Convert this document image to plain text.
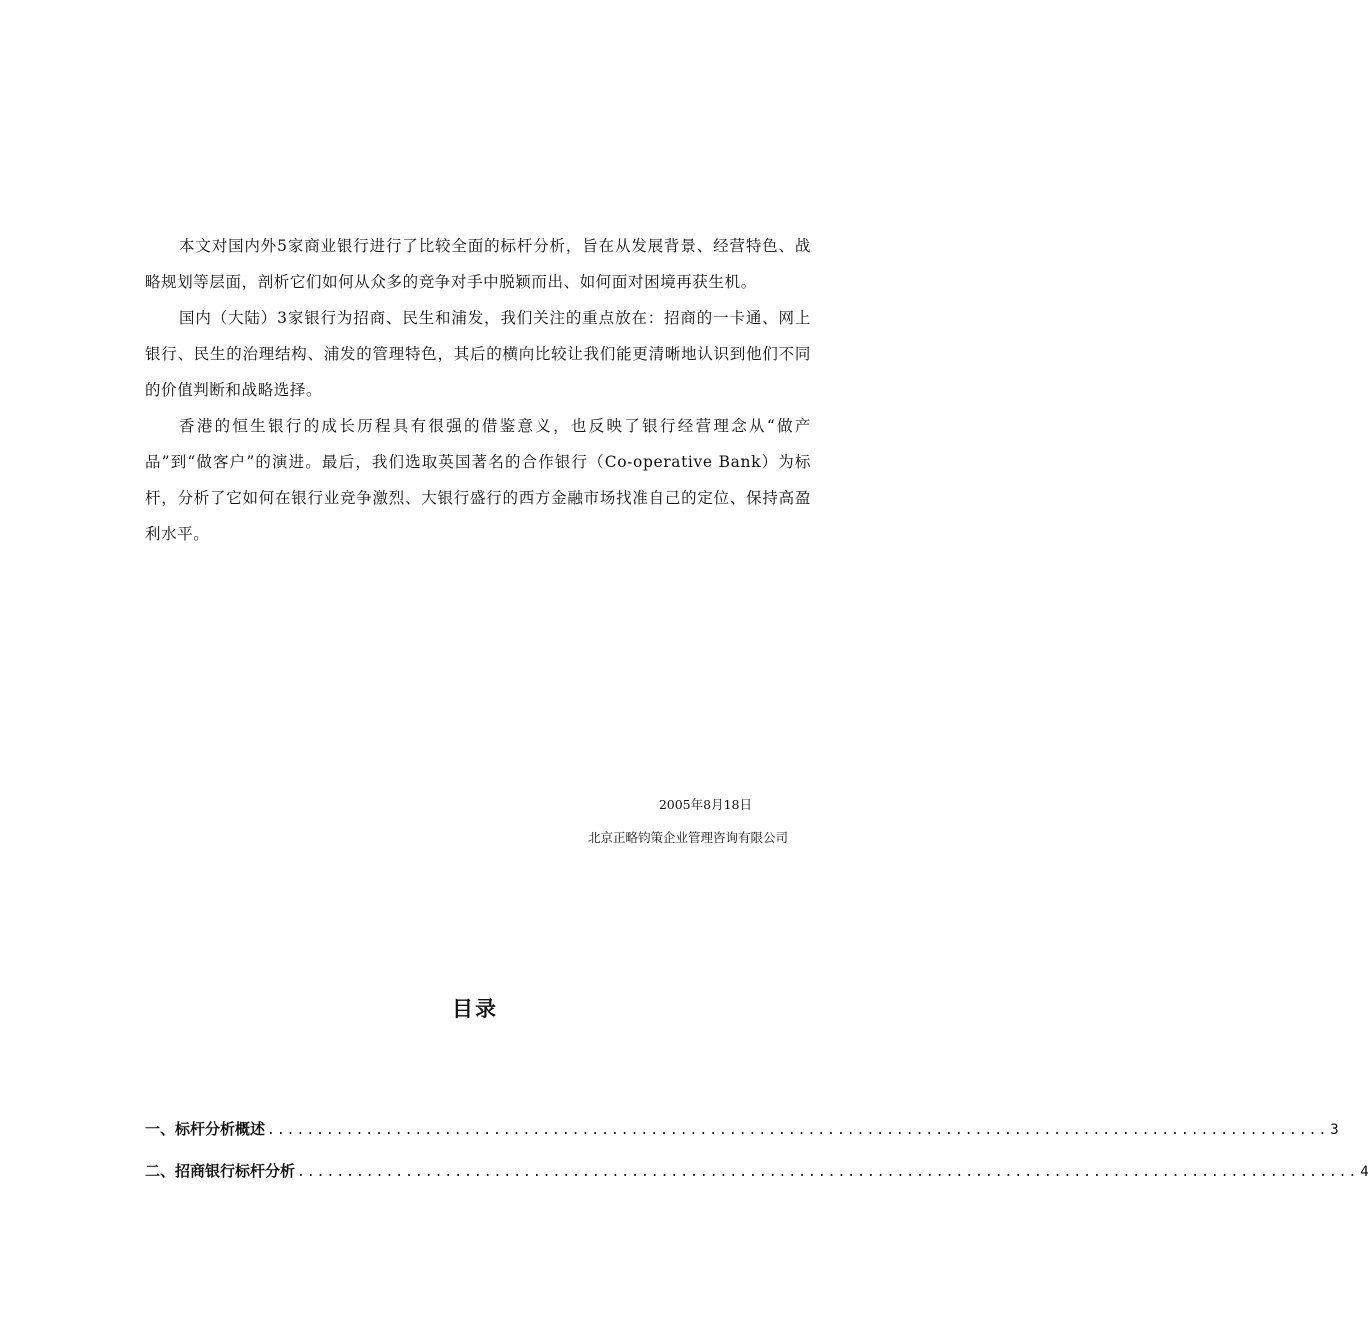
本文对国内外5家商业银行进行了比较全面的标杆分析，旨在从发展背景、经营特色、战略规划等层面，剖析它们如何从众多的竞争对手中脱颖而出、如何面对困境再获生机。

国内（大陆）3家银行为招商、民生和浦发，我们关注的重点放在：招商的一卡通、网上银行、民生的治理结构、浦发的管理特色，其后的横向比较让我们能更清晰地认识到他们不同的价值判断和战略选择。

香港的恒生银行的成长历程具有很强的借鉴意义，也反映了银行经营理念从“做产品”到“做客户”的演进。最后，我们选取英国著名的合作银行（Co-operative Bank）为标杆，分析了它如何在银行业竞争激烈、大银行盛行的西方金融市场找准自己的定位、保持高盈利水平。

2005年8月18日
北京正略钧策企业管理咨询有限公司
目录
一、标杆分析概述 ............................................................................................................ 3
二、招商银行标杆分析 ............................................................................................................ 4
